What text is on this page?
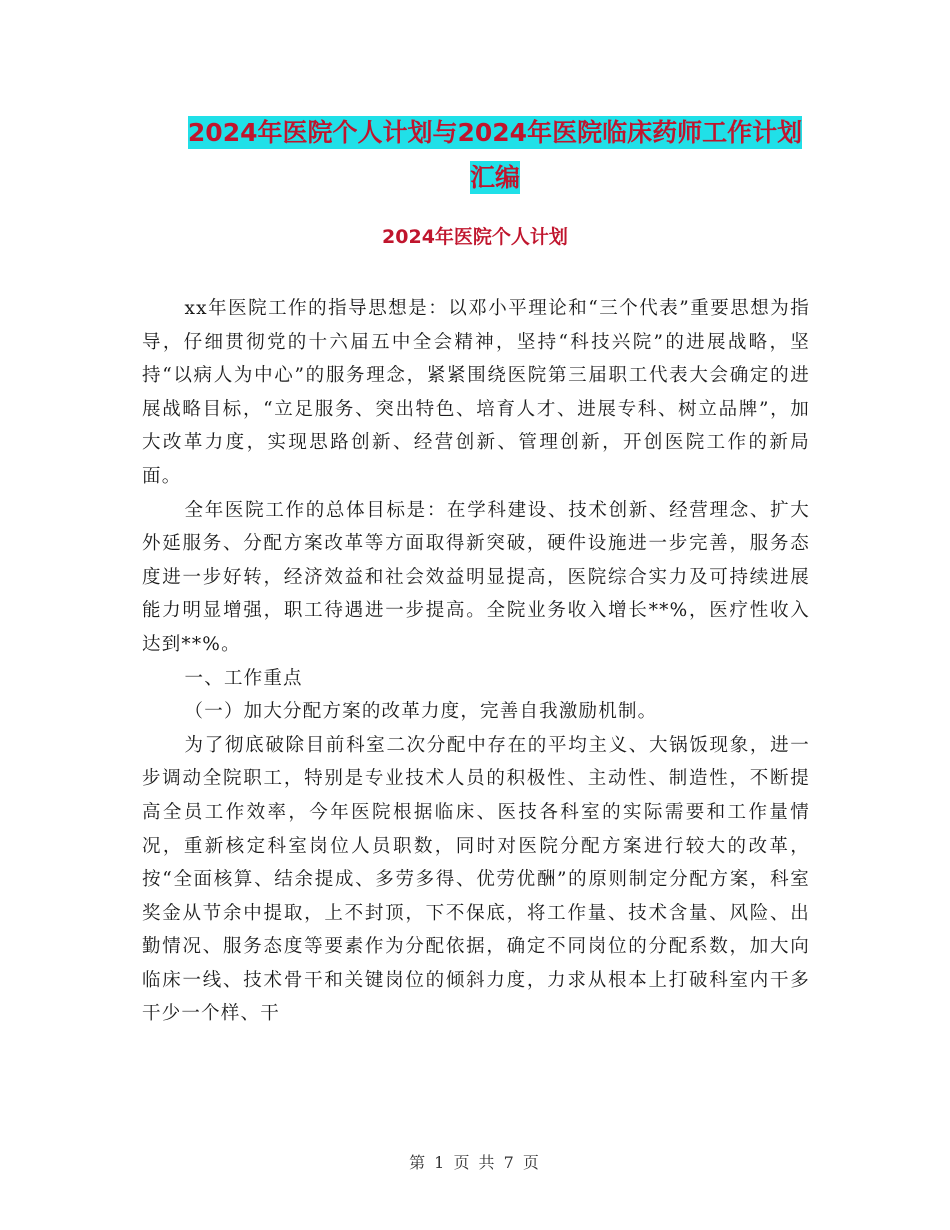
2024年医院个人计划与2024年医院临床药师工作计划
汇编
2024年医院个人计划

xx年医院工作的指导思想是：以邓小平理论和“三个代表”重要思想为指导，仔细贯彻党的十六届五中全会精神，坚持“科技兴院”的进展战略，坚持“以病人为中心”的服务理念，紧紧围绕医院第三届职工代表大会确定的进展战略目标，“立足服务、突出特色、培育人才、进展专科、树立品牌”，加大改革力度，实现思路创新、经营创新、管理创新，开创医院工作的新局面。

全年医院工作的总体目标是：在学科建设、技术创新、经营理念、扩大外延服务、分配方案改革等方面取得新突破，硬件设施进一步完善，服务态度进一步好转，经济效益和社会效益明显提高，医院综合实力及可持续进展能力明显增强，职工待遇进一步提高。全院业务收入增长**%，医疗性收入达到**%。

一、工作重点

（一）加大分配方案的改革力度，完善自我激励机制。

为了彻底破除目前科室二次分配中存在的平均主义、大锅饭现象，进一步调动全院职工，特别是专业技术人员的积极性、主动性、制造性，不断提高全员工作效率，今年医院根据临床、医技各科室的实际需要和工作量情况，重新核定科室岗位人员职数，同时对医院分配方案进行较大的改革，按“全面核算、结余提成、多劳多得、优劳优酬”的原则制定分配方案，科室奖金从节余中提取，上不封顶，下不保底，将工作量、技术含量、风险、出勤情况、服务态度等要素作为分配依据，确定不同岗位的分配系数，加大向临床一线、技术骨干和关键岗位的倾斜力度，力求从根本上打破科室内干多干少一个样、干

第 1 页 共 7 页
